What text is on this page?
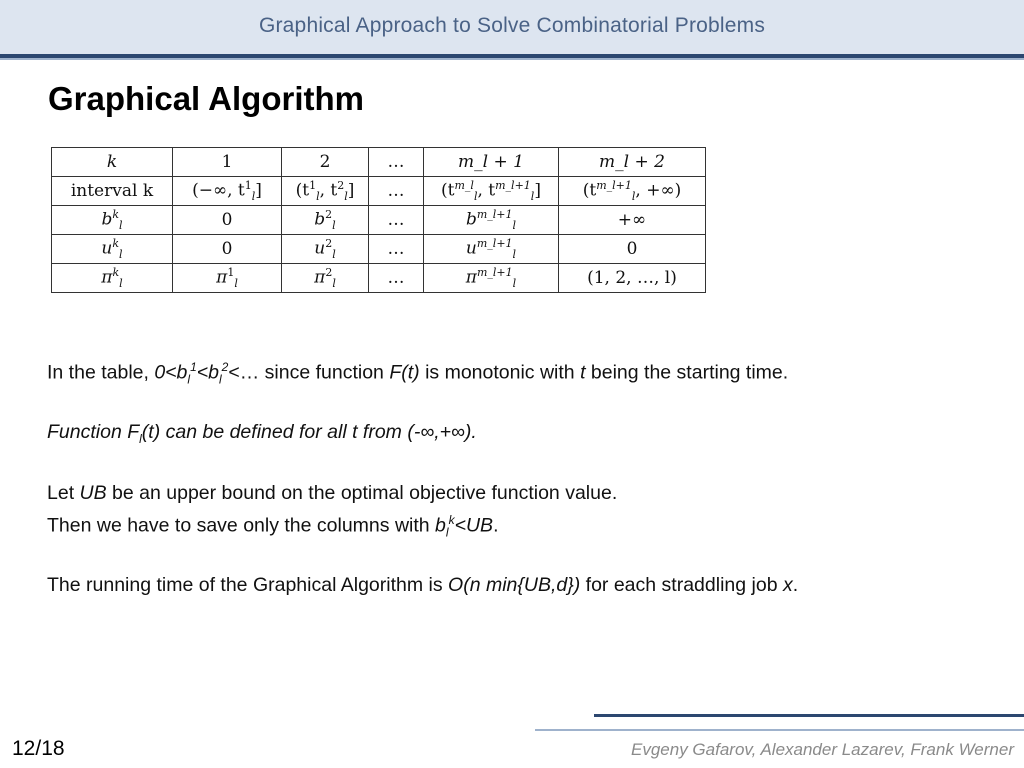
Graphical Approach to Solve Combinatorial Problems
Graphical Algorithm
k	1	2	…	m_l + 1	m_l + 2
interval k	(−∞, $t^1_l$]	($t^1_l$, $t^2_l$]	…	($t^{m\_l}_l$, $t^{m\_l+1}_l$]	($t^{m\_l+1}_l$, +∞)
$b^k_l$	0	$b^2_l$	…	$b^{m\_l+1}_l$	+∞
$u^k_l$	0	$u^2_l$	…	$u^{m\_l+1}_l$	0
$\pi^k_l$	$\pi^1_l$	$\pi^2_l$	…	$\pi^{m\_l+1}_l$	(1, 2, …, l)
In the table, $0<b_l^1<b_l^2<\dots$ since function F(t) is monotonic with t being the starting time.
Function $F_l(t)$ can be defined for all t from (-∞,+∞).
Let UB be an upper bound on the optimal objective function value.
Then we have to save only the columns with $b_l^k<UB$.
The running time of the Graphical Algorithm is O(n min{UB,d}) for each straddling job x.
Evgeny Gafarov, Alexander Lazarev, Frank Werner
12/18
